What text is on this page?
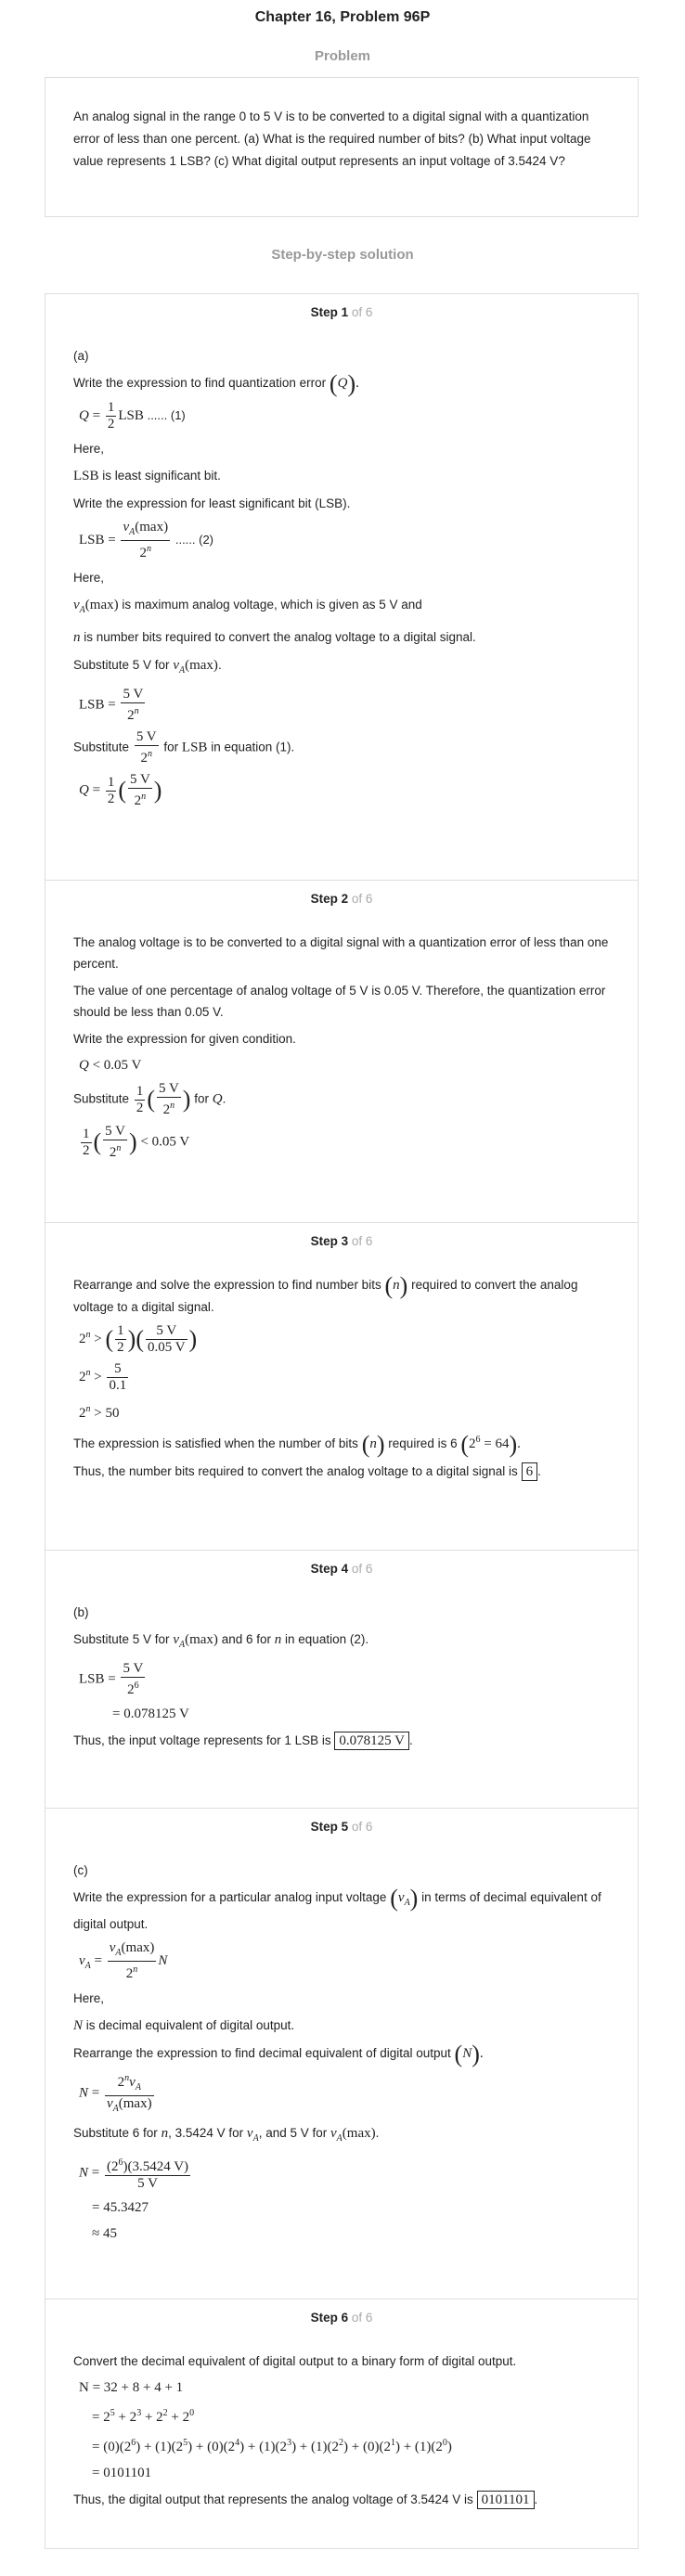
Chapter 16, Problem 96P
Problem
An analog signal in the range 0 to 5 V is to be converted to a digital signal with a quantization error of less than one percent. (a) What is the required number of bits? (b) What input voltage value represents 1 LSB? (c) What digital output represents an input voltage of 3.5424 V?
Step-by-step solution
Step 1 of 6
(a)
Write the expression to find quantization error (Q).
$Q = \frac{1}{2}$ LSB ...... (1)
Here,
LSB is least significant bit.
Write the expression for least significant bit (LSB).
LSB = $\frac{v_A(\max)}{2^n}$ ...... (2)
Here,
$v_A(\max)$ is maximum analog voltage, which is given as 5 V and
n is number bits required to convert the analog voltage to a digital signal.
Substitute 5 V for $v_A(\max)$.
LSB = $\frac{5 V}{2^n}$
Substitute $\frac{5 V}{2^n}$ for LSB in equation (1).
$Q = \frac{1}{2}$ ( $\frac{5 V}{2^n}$ )
Step 2 of 6
The analog voltage is to be converted to a digital signal with a quantization error of less than one percent.
The value of one percentage of analog voltage of 5 V is 0.05 V. Therefore, the quantization error should be less than 0.05 V.
Write the expression for given condition.
Q < 0.05 V
Substitute $\frac{1}{2}$ ( $\frac{5 V}{2^n}$ ) for Q.
$\frac{1}{2}$ ( $\frac{5 V}{2^n}$ ) < 0.05 V
Step 3 of 6
Rearrange and solve the expression to find number bits (n) required to convert the analog voltage to a digital signal.
$2^n$ > ( $\frac{1}{2}$ )( $\frac{5 V}{0.05 V}$ )
$2^n > \frac{5}{0.1}$
$2^n > 50$
The expression is satisfied when the number of bits (n) required is 6 $(2^6 = 64)$.
Thus, the number bits required to convert the analog voltage to a digital signal is 6 .
Step 4 of 6
(b)
Substitute 5 V for $v_A(\max)$ and 6 for n in equation (2).
LSB = $\frac{5 V}{2^6}$
= 0.078125 V
Thus, the input voltage represents for 1 LSB is 0.078125 V .
Step 5 of 6
(c)
Write the expression for a particular analog input voltage $(v_A)$ in terms of decimal equivalent of digital output.
$v_A = \frac{v_A(\max)}{2^n}$ N
Here,
N is decimal equivalent of digital output.
Rearrange the expression to find decimal equivalent of digital output (N).
$N = \frac{2^nv_A}{v_A(\max)}$
Substitute 6 for n, 3.5424 V for $v_A$, and 5 V for $v_A(\max)$.
$N = \frac{(2^6)(3.5424 V)}{5 V}$
= 45.3427
≈ 45
Step 6 of 6
Convert the decimal equivalent of digital output to a binary form of digital output.
N = 32 + 8 + 4 + 1
= $2^5 + 2^3 + 2^2 + 2^0$
= $(0)(2^6) + (1)(2^5) + (0)(2^4) + (1)(2^3) + (1)(2^2) + (0)(2^1) + (1)(2^0)$
= 0101101
Thus, the digital output that represents the analog voltage of 3.5424 V is 0101101 .
